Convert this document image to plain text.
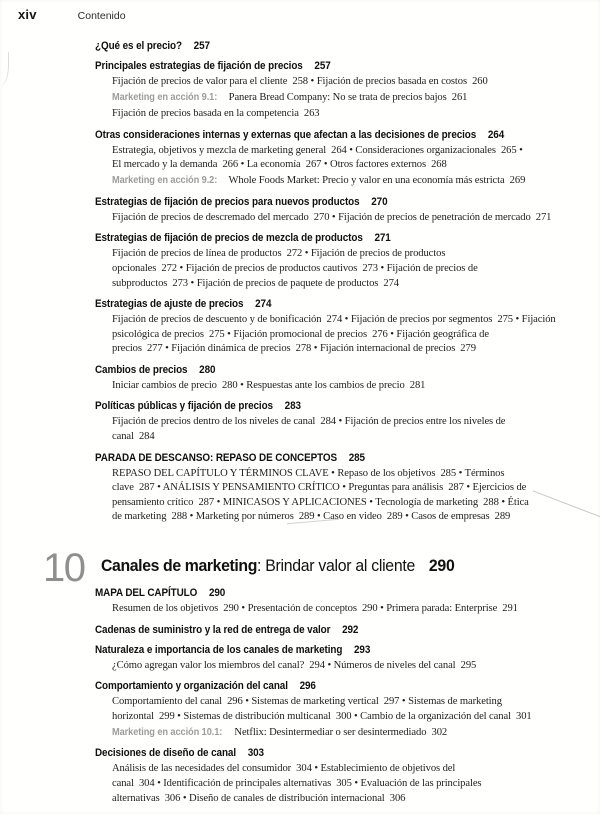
xiv	Contenido
¿Qué es el precio? 257
Principales estrategias de fijación de precios 257
Fijación de precios de valor para el cliente  258 • Fijación de precios basada en costos  260
Marketing en acción 9.1:  Panera Bread Company: No se trata de precios bajos  261
Fijación de precios basada en la competencia  263
Otras consideraciones internas y externas que afectan a las decisiones de precios 264
Estrategia, objetivos y mezcla de marketing general  264 • Consideraciones organizacionales  265 •
El mercado y la demanda  266 • La economía  267 • Otros factores externos  268
Marketing en acción 9.2:  Whole Foods Market: Precio y valor en una economía más estricta  269
Estrategias de fijación de precios para nuevos productos 270
Fijación de precios de descremado del mercado  270 • Fijación de precios de penetración de mercado  271
Estrategias de fijación de precios de mezcla de productos 271
Fijación de precios de línea de productos  272 • Fijación de precios de productos
opcionales  272 • Fijación de precios de productos cautivos  273 • Fijación de precios de
subproductos  273 • Fijación de precios de paquete de productos  274
Estrategias de ajuste de precios 274
Fijación de precios de descuento y de bonificación  274 • Fijación de precios por segmentos  275 • Fijación
psicológica de precios  275 • Fijación promocional de precios  276 • Fijación geográfica de
precios  277 • Fijación dinámica de precios  278 • Fijación internacional de precios  279
Cambios de precios 280
Iniciar cambios de precio  280 • Respuestas ante los cambios de precio  281
Políticas públicas y fijación de precios 283
Fijación de precios dentro de los niveles de canal  284 • Fijación de precios entre los niveles de
canal  284
PARADA DE DESCANSO: REPASO DE CONCEPTOS 285
REPASO DEL CAPÍTULO Y TÉRMINOS CLAVE • Repaso de los objetivos  285 • Términos
clave  287 • ANÁLISIS Y PENSAMIENTO CRÍTICO • Preguntas para análisis  287 • Ejercicios de
pensamiento crítico  287 • MINICASOS Y APLICACIONES • Tecnología de marketing  288 • Ética
de marketing  288 • Marketing por números  289 • Caso en video  289 • Casos de empresas  289
10 Canales de marketing: Brindar valor al cliente 290
MAPA DEL CAPÍTULO 290
Resumen de los objetivos  290 • Presentación de conceptos  290 • Primera parada: Enterprise  291
Cadenas de suministro y la red de entrega de valor 292
Naturaleza e importancia de los canales de marketing 293
¿Cómo agregan valor los miembros del canal?  294 • Números de niveles del canal  295
Comportamiento y organización del canal 296
Comportamiento del canal  296 • Sistemas de marketing vertical  297 • Sistemas de marketing
horizontal  299 • Sistemas de distribución multicanal  300 • Cambio de la organización del canal  301
Marketing en acción 10.1:  Netflix: Desintermediar o ser desintermediado  302
Decisiones de diseño de canal 303
Análisis de las necesidades del consumidor  304 • Establecimiento de objetivos del
canal  304 • Identificación de principales alternativas  305 • Evaluación de las principales
alternativas  306 • Diseño de canales de distribución internacional  306
